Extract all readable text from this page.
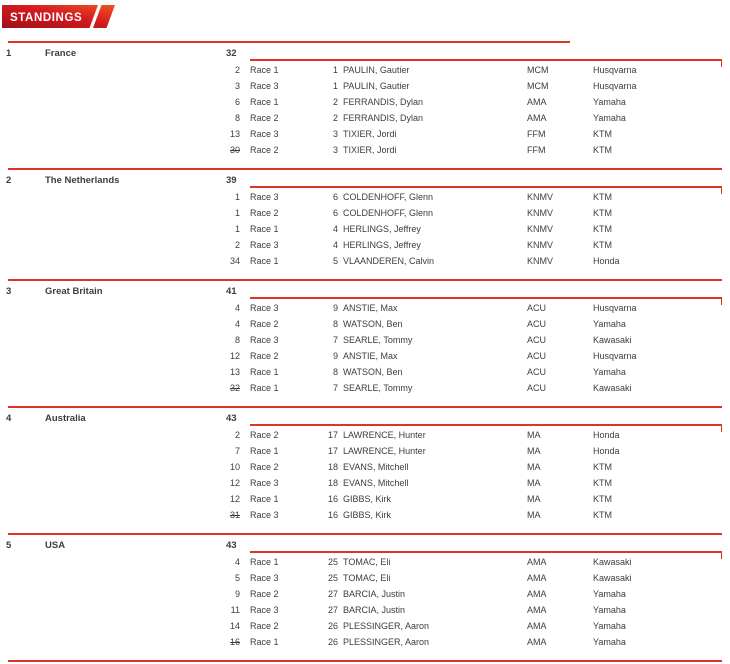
STANDINGS
1	France	32
2 Race 1	1 PAULIN, Gautier	MCM	Husqvarna
3 Race 3	1 PAULIN, Gautier	MCM	Husqvarna
6 Race 1	2 FERRANDIS, Dylan	AMA	Yamaha
8 Race 2	2 FERRANDIS, Dylan	AMA	Yamaha
13 Race 3	3 TIXIER, Jordi	FFM	KTM
30 Race 2	3 TIXIER, Jordi	FFM	KTM
2	The Netherlands	39
1 Race 3	6 COLDENHOFF, Glenn	KNMV	KTM
1 Race 2	6 COLDENHOFF, Glenn	KNMV	KTM
1 Race 1	4 HERLINGS, Jeffrey	KNMV	KTM
2 Race 3	4 HERLINGS, Jeffrey	KNMV	KTM
34 Race 1	5 VLAANDEREN, Calvin	KNMV	Honda
3	Great Britain	41
4 Race 3	9 ANSTIE, Max	ACU	Husqvarna
4 Race 2	8 WATSON, Ben	ACU	Yamaha
8 Race 3	7 SEARLE, Tommy	ACU	Kawasaki
12 Race 2	9 ANSTIE, Max	ACU	Husqvarna
13 Race 1	8 WATSON, Ben	ACU	Yamaha
32 Race 1	7 SEARLE, Tommy	ACU	Kawasaki
4	Australia	43
2 Race 2	17 LAWRENCE, Hunter	MA	Honda
7 Race 1	17 LAWRENCE, Hunter	MA	Honda
10 Race 2	18 EVANS, Mitchell	MA	KTM
12 Race 3	18 EVANS, Mitchell	MA	KTM
12 Race 1	16 GIBBS, Kirk	MA	KTM
31 Race 3	16 GIBBS, Kirk	MA	KTM
5	USA	43
4 Race 1	25 TOMAC, Eli	AMA	Kawasaki
5 Race 3	25 TOMAC, Eli	AMA	Kawasaki
9 Race 2	27 BARCIA, Justin	AMA	Yamaha
11 Race 3	27 BARCIA, Justin	AMA	Yamaha
14 Race 2	26 PLESSINGER, Aaron	AMA	Yamaha
16 Race 1	26 PLESSINGER, Aaron	AMA	Yamaha
